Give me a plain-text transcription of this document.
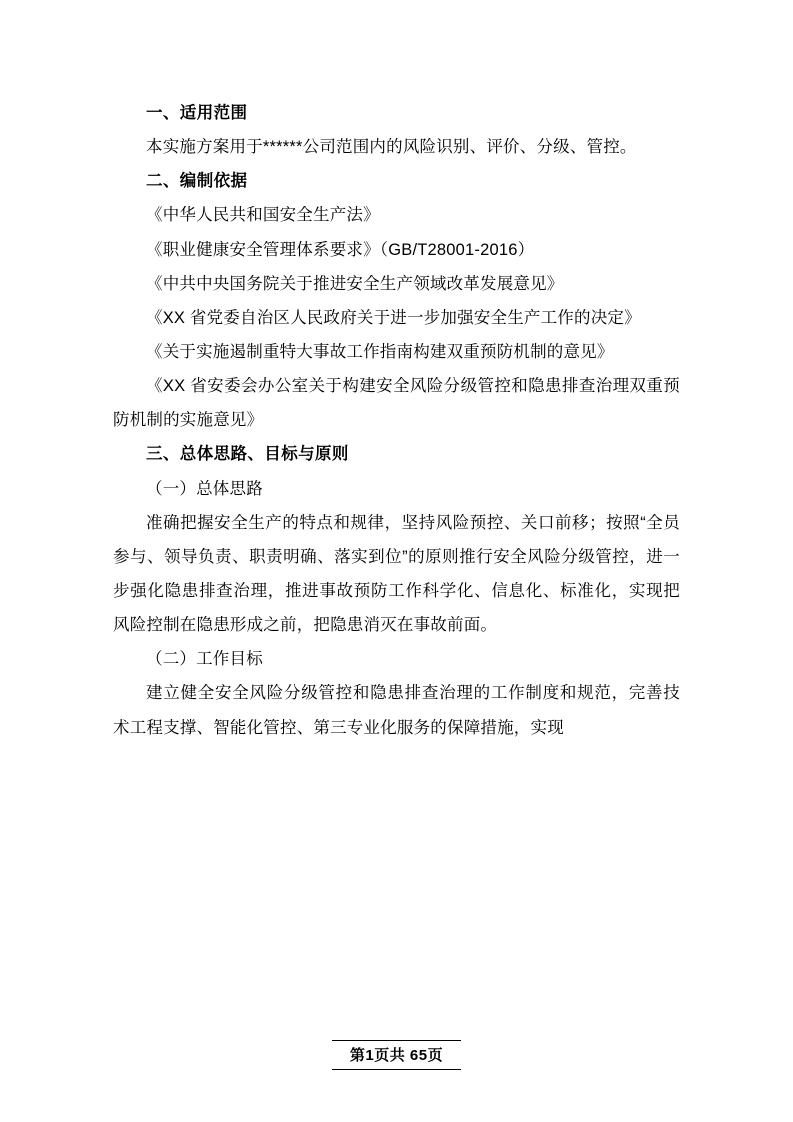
一、适用范围

本实施方案用于******公司范围内的风险识别、评价、分级、管控。

二、编制依据

《中华人民共和国安全生产法》

《职业健康安全管理体系要求》（GB/T28001-2016）

《中共中央国务院关于推进安全生产领域改革发展意见》

《XX 省党委自治区人民政府关于进一步加强安全生产工作的决定》

《关于实施遏制重特大事故工作指南构建双重预防机制的意见》

《XX 省安委会办公室关于构建安全风险分级管控和隐患排查治理双重预防机制的实施意见》

三、总体思路、目标与原则

（一）总体思路

准确把握安全生产的特点和规律，坚持风险预控、关口前移；按照“全员参与、领导负责、职责明确、落实到位”的原则推行安全风险分级管控，进一步强化隐患排查治理，推进事故预防工作科学化、信息化、标准化，实现把风险控制在隐患形成之前，把隐患消灭在事故前面。

（二）工作目标

建立健全安全风险分级管控和隐患排查治理的工作制度和规范，完善技术工程支撑、智能化管控、第三专业化服务的保障措施，实现

第1页共 65页
